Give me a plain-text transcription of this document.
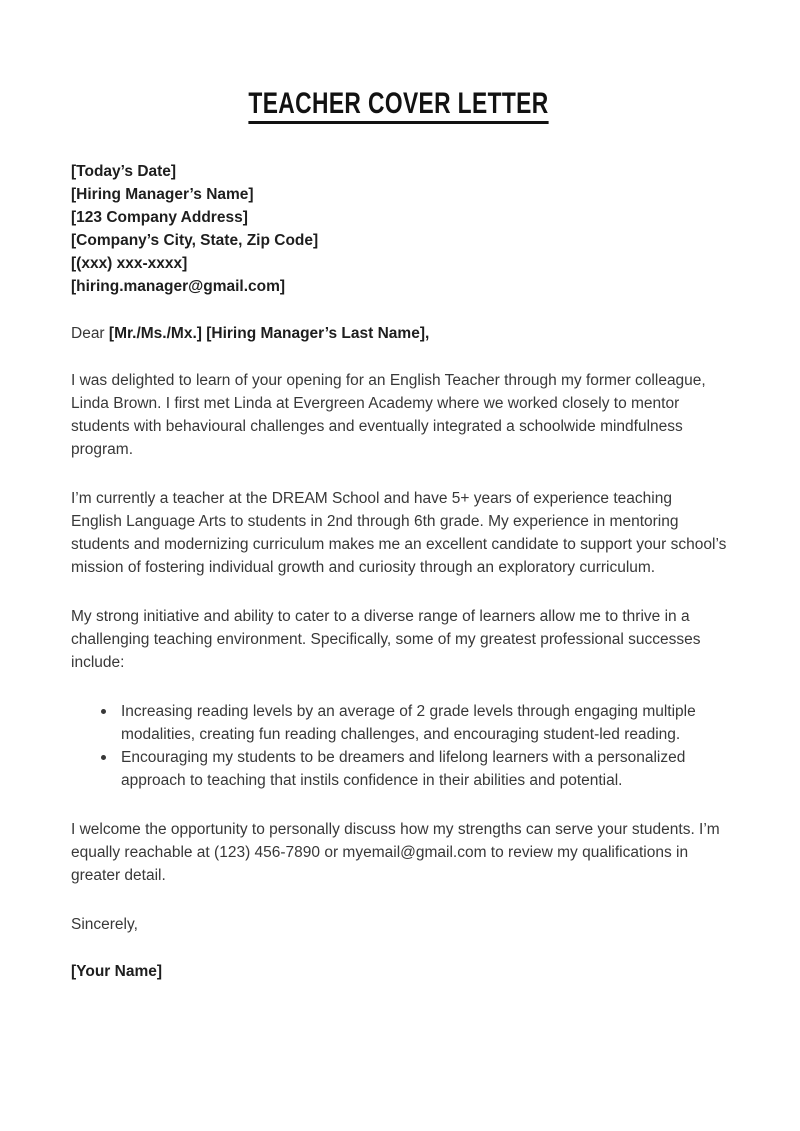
TEACHER COVER LETTER
[Today’s Date]
[Hiring Manager’s Name]
[123 Company Address]
[Company’s City, State, Zip Code]
[(xxx) xxx-xxxx]
[hiring.manager@gmail.com]

Dear [Mr./Ms./Mx.] [Hiring Manager’s Last Name],

I was delighted to learn of your opening for an English Teacher through my former colleague, Linda Brown. I first met Linda at Evergreen Academy where we worked closely to mentor students with behavioural challenges and eventually integrated a schoolwide mindfulness program.

I’m currently a teacher at the DREAM School and have 5+ years of experience teaching English Language Arts to students in 2nd through 6th grade. My experience in mentoring students and modernizing curriculum makes me an excellent candidate to support your school’s mission of fostering individual growth and curiosity through an exploratory curriculum.

My strong initiative and ability to cater to a diverse range of learners allow me to thrive in a challenging teaching environment. Specifically, some of my greatest professional successes include:

Increasing reading levels by an average of 2 grade levels through engaging multiple modalities, creating fun reading challenges, and encouraging student-led reading.
Encouraging my students to be dreamers and lifelong learners with a personalized approach to teaching that instils confidence in their abilities and potential.

I welcome the opportunity to personally discuss how my strengths can serve your students. I’m equally reachable at (123) 456-7890 or myemail@gmail.com to review my qualifications in greater detail.

Sincerely,

[Your Name]
